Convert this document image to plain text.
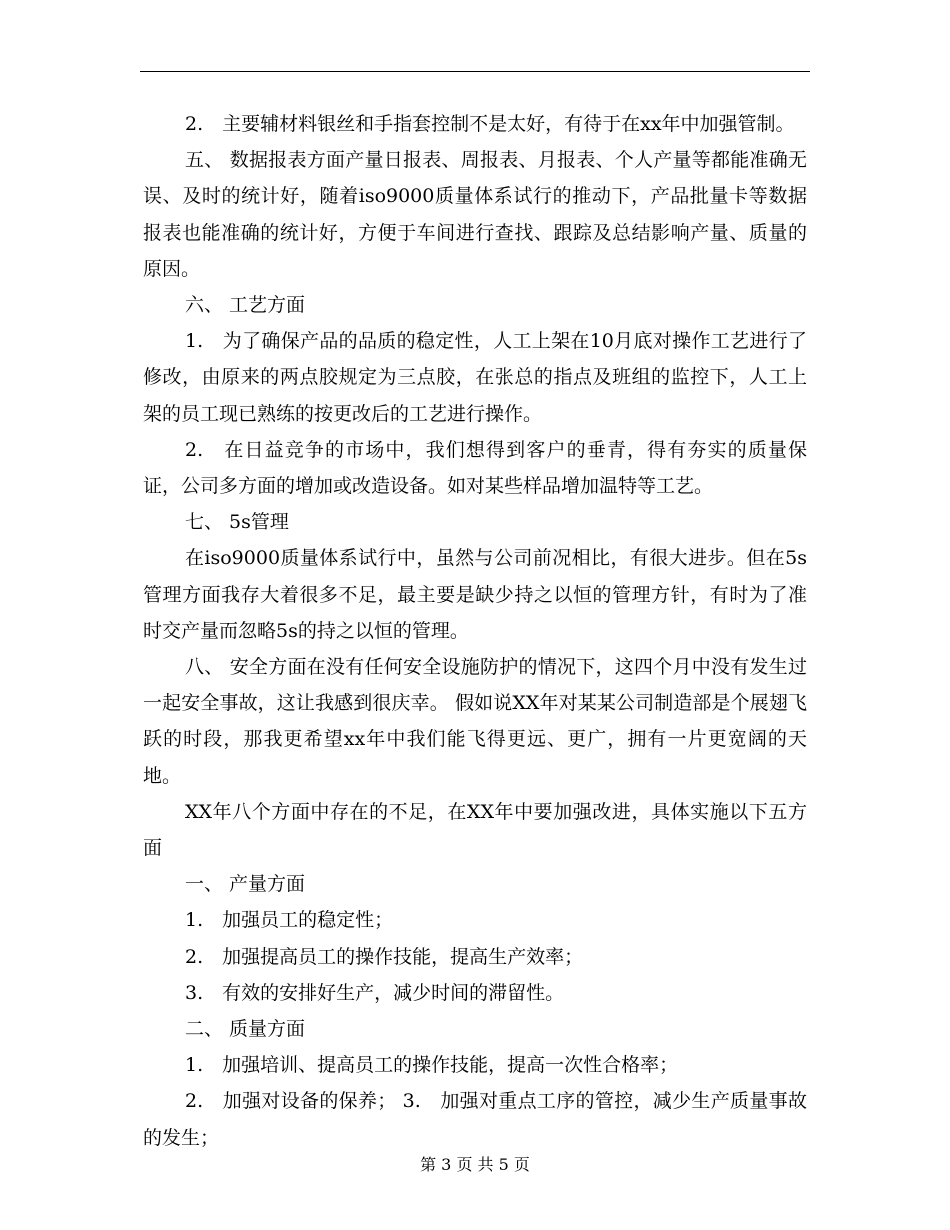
2.　主要辅材料银丝和手指套控制不是太好，有待于在xx年中加强管制。

五、 数据报表方面产量日报表、周报表、月报表、个人产量等都能准确无误、及时的统计好，随着iso9000质量体系试行的推动下，产品批量卡等数据报表也能准确的统计好，方便于车间进行查找、跟踪及总结影响产量、质量的原因。

六、 工艺方面

1.　为了确保产品的品质的稳定性，人工上架在10月底对操作工艺进行了修改，由原来的两点胶规定为三点胶，在张总的指点及班组的监控下，人工上架的员工现已熟练的按更改后的工艺进行操作。

2.　在日益竞争的市场中，我们想得到客户的垂青，得有夯实的质量保证，公司多方面的增加或改造设备。如对某些样品增加温特等工艺。

七、 5s管理

在iso9000质量体系试行中，虽然与公司前况相比，有很大进步。但在5s管理方面我存大着很多不足，最主要是缺少持之以恒的管理方针，有时为了准时交产量而忽略5s的持之以恒的管理。

八、 安全方面在没有任何安全设施防护的情况下，这四个月中没有发生过一起安全事故，这让我感到很庆幸。 假如说XX年对某某公司制造部是个展翅飞跃的时段，那我更希望xx年中我们能飞得更远、更广，拥有一片更宽阔的天地。

XX年八个方面中存在的不足，在XX年中要加强改进，具体实施以下五方面

一、 产量方面

1.　加强员工的稳定性；

2.　加强提高员工的操作技能，提高生产效率；

3.　有效的安排好生产，减少时间的滞留性。

二、 质量方面

1.　加强培训、提高员工的操作技能，提高一次性合格率；

2.　加强对设备的保养； 3.　加强对重点工序的管控，减少生产质量事故的发生；

第 3 页 共 5 页
